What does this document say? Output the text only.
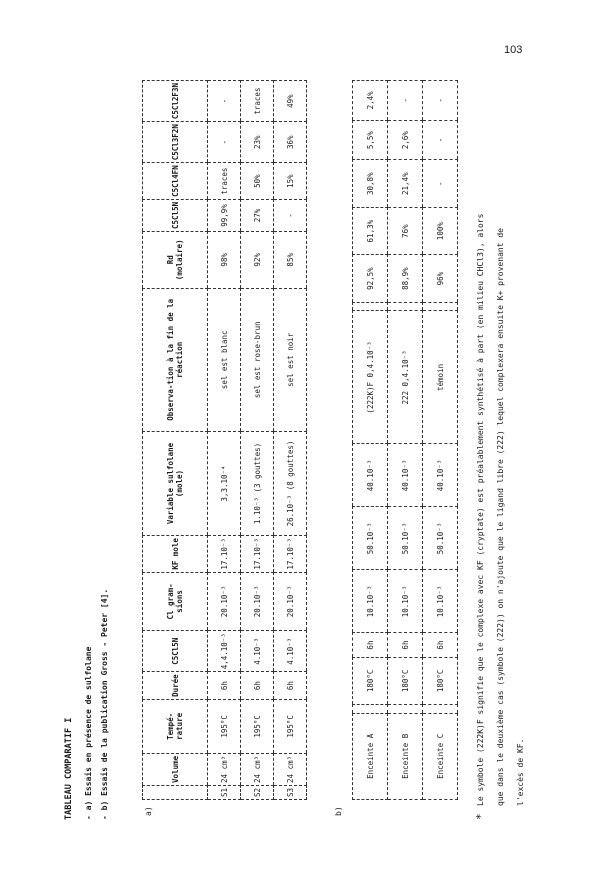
103
TABLEAU COMPARATIF I - a) Essais en présence de sulfolane - b) Essais de la publication Gross - Peter [4].	a)
	Volume	Tempé-rature	Durée	C5Cl5N	Cl gram-sions	KF mole	Variable sulfolane (mole)	Observa-tion à la fin de la réaction	Rd (molaire)	C5Cl5N	C5Cl4FN	C5Cl3F2N	C5Cl2F3N
S1	24 cm³	195°C	6h	4,4.10⁻³	20.10⁻³	17.10⁻³	3,3.10⁻⁴	sel est blanc	98%	99,9%	traces	-	-
S2	24 cm³	195°C	6h	4.10⁻³	20.10⁻³	17.10⁻³	1.10⁻³ (3 gouttes)	sel est rose-brun	92%	27%	50%	23%	traces
S3	24 cm³	195°C	6h	4.10⁻³	20.10⁻³	17.10⁻³	26.10⁻³ (8 gouttes)	sel est noir	85%	-	15%	36%	49%
b)
Enceinte A		180°C	6h	10.10⁻³	50.10⁻³	40.10⁻³	(222K)F 0,4.10⁻³		92,5%	61,3%	30,8%	5,5%	2,4%
Enceinte B		180°C	6h	10.10⁻³	50.10⁻³	40.10⁻³	222 0,4.10⁻³		88,9%	76%	21,4%	2,6%	-
Enceinte C		180°C	6h	10.10⁻³	50.10⁻³	40.10⁻³	témoin		96%	100%	-	-	-
*
Le symbole (222K)F signifie que le complexe avec KF (cryptate) est préalablement synthétisé à part (en milieu CHCl3), alors	que dans le deuxième cas (symbole (222)) on n'ajoute que le ligand libre (222) lequel complexera ensuite K+ provenant de	l'excès de KF.
